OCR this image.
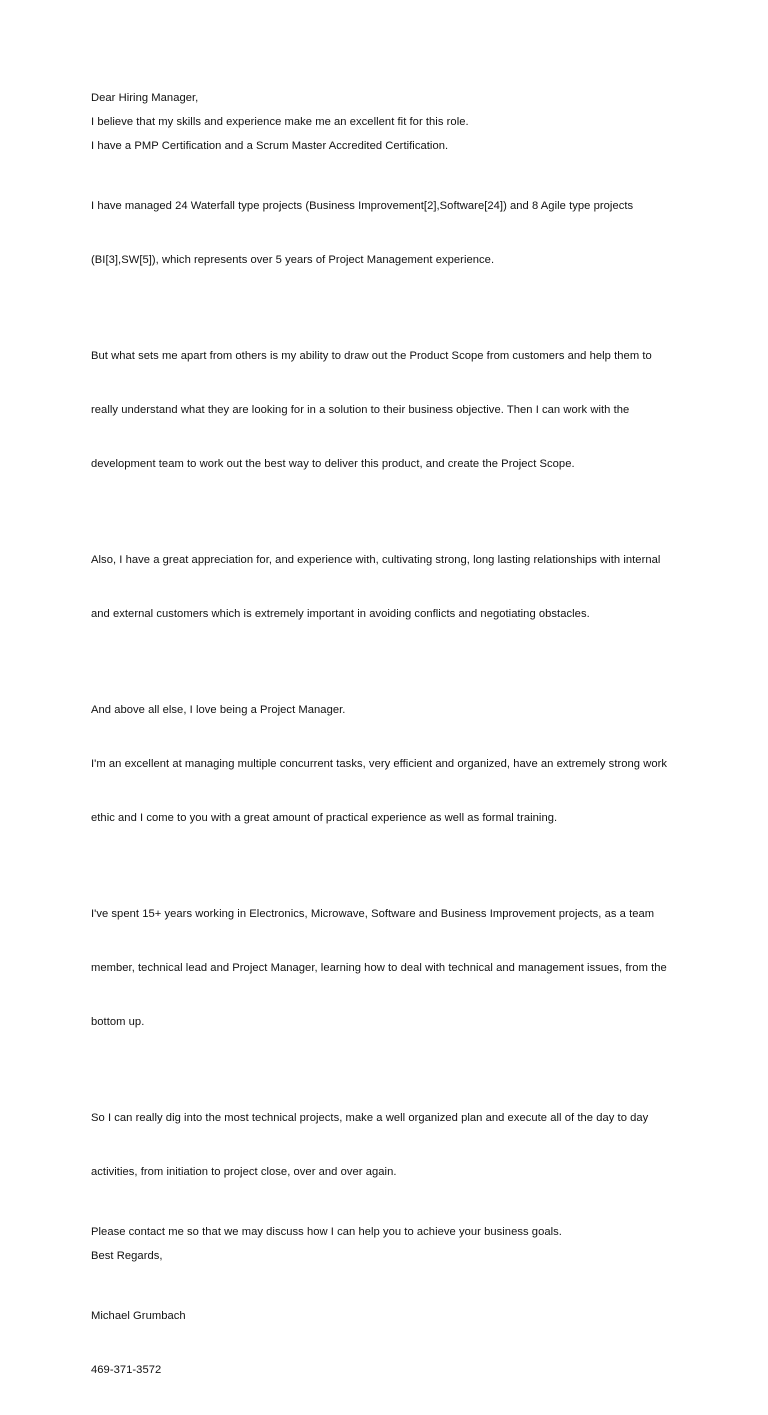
Dear Hiring Manager,

I believe that my skills and experience make me an excellent fit for this role.

I have a PMP Certification and a Scrum Master Accredited Certification.

I have managed 24 Waterfall type projects (Business Improvement[2],Software[24]) and 8 Agile type projects

(BI[3],SW[5]), which represents over 5 years of Project Management experience.

But what sets me apart from others is my ability to draw out the Product Scope from customers and help them to

really understand what they are looking for in a solution to their business objective. Then I can work with the

development team to work out the best way to deliver this product, and create the Project Scope.

Also, I have a great appreciation for, and experience with, cultivating strong, long lasting relationships with internal

and external customers which is extremely important in avoiding conflicts and negotiating obstacles.

And above all else, I love being a Project Manager.

I'm an excellent at managing multiple concurrent tasks, very efficient and organized, have an extremely strong work

ethic and I come to you with a great amount of practical experience as well as formal training.

I've spent 15+ years working in Electronics, Microwave, Software and Business Improvement projects, as a team

member, technical lead and Project Manager, learning how to deal with technical and management issues, from the

bottom up.

So I can really dig into the most technical projects, make a well organized plan and execute all of the day to day

activities, from initiation to project close, over and over again.

Please contact me so that we may discuss how I can help you to achieve your business goals.

Best Regards,

Michael Grumbach

469-371-3572
